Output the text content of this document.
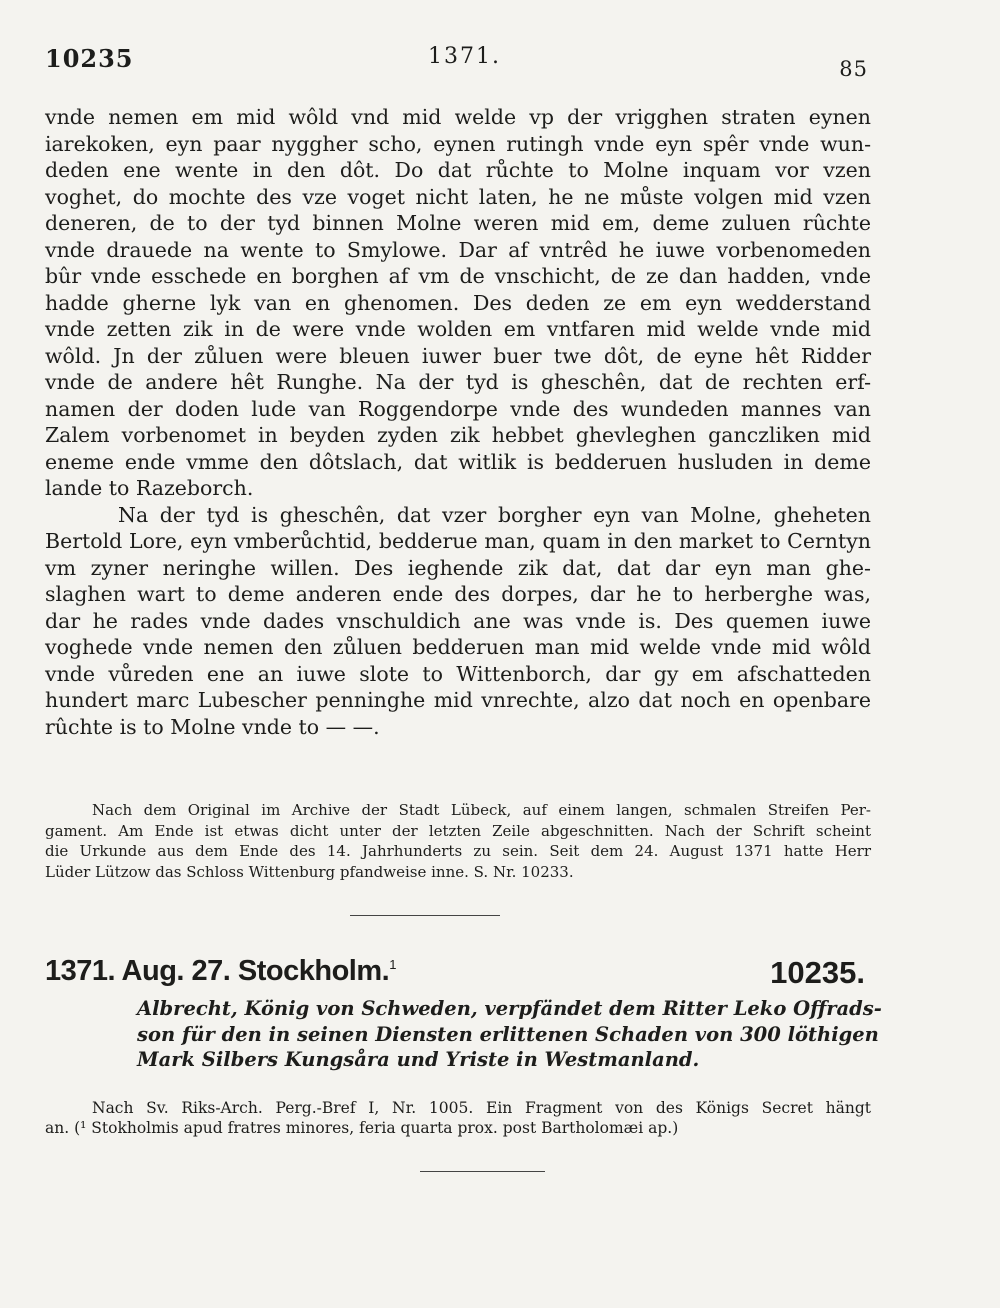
10235	1371.	85
vnde nemen em mid wôld vnd mid welde vp der vrigghen straten eynen
iarekoken, eyn paar nyggher scho, eynen rutingh vnde eyn spêr vnde wun-
deden ene wente in den dôt. Do dat růchte to Molne inquam vor vzen
voghet, do mochte des vze voget nicht laten, he ne můste volgen mid vzen
deneren, de to der tyd binnen Molne weren mid em, deme zuluen rûchte
vnde drauede na wente to Smylowe. Dar af vntrêd he iuwe vorbenomeden
bûr vnde esschede en borghen af vm de vnschicht, de ze dan hadden, vnde
hadde gherne lyk van en ghenomen. Des deden ze em eyn wedderstand
vnde zetten zik in de were vnde wolden em vntfaren mid welde vnde mid
wôld. Jn der zůluen were bleuen iuwer buer twe dôt, de eyne hêt Ridder
vnde de andere hêt Runghe. Na der tyd is gheschên, dat de rechten erf-
namen der doden lude van Roggendorpe vnde des wundeden mannes van
Zalem vorbenomet in beyden zyden zik hebbet ghevleghen ganczliken mid
eneme ende vmme den dôtslach, dat witlik is bedderuen husluden in deme
lande to Razeborch.
Na der tyd is gheschên, dat vzer borgher eyn van Molne, gheheten
Bertold Lore, eyn vmberůchtid, bedderue man, quam in den market to Cerntyn
vm zyner neringhe willen. Des ieghende zik dat, dat dar eyn man ghe-
slaghen wart to deme anderen ende des dorpes, dar he to herberghe was,
dar he rades vnde dades vnschuldich ane was vnde is. Des quemen iuwe
voghede vnde nemen den zůluen bedderuen man mid welde vnde mid wôld
vnde vůreden ene an iuwe slote to Wittenborch, dar gy em afschatteden
hundert marc Lubescher penninghe mid vnrechte, alzo dat noch en openbare
rûchte is to Molne vnde to — —.
Nach dem Original im Archive der Stadt Lübeck, auf einem langen, schmalen Streifen Per-
gament. Am Ende ist etwas dicht unter der letzten Zeile abgeschnitten. Nach der Schrift scheint
die Urkunde aus dem Ende des 14. Jahrhunderts zu sein. Seit dem 24. August 1371 hatte Herr
Lüder Lützow das Schloss Wittenburg pfandweise inne. S. Nr. 10233.
1371. Aug. 27. Stockholm.$^1$	10235.
Albrecht, König von Schweden, verpfändet dem Ritter Leko Offrads-
son für den in seinen Diensten erlittenen Schaden von 300 löthigen
Mark Silbers Kungsåra und Yriste in Westmanland.
Nach Sv. Riks-Arch. Perg.-Bref I, Nr. 1005. Ein Fragment von des Königs Secret hängt
an. (¹ Stokholmis apud fratres minores, feria quarta prox. post Bartholomæi ap.)
